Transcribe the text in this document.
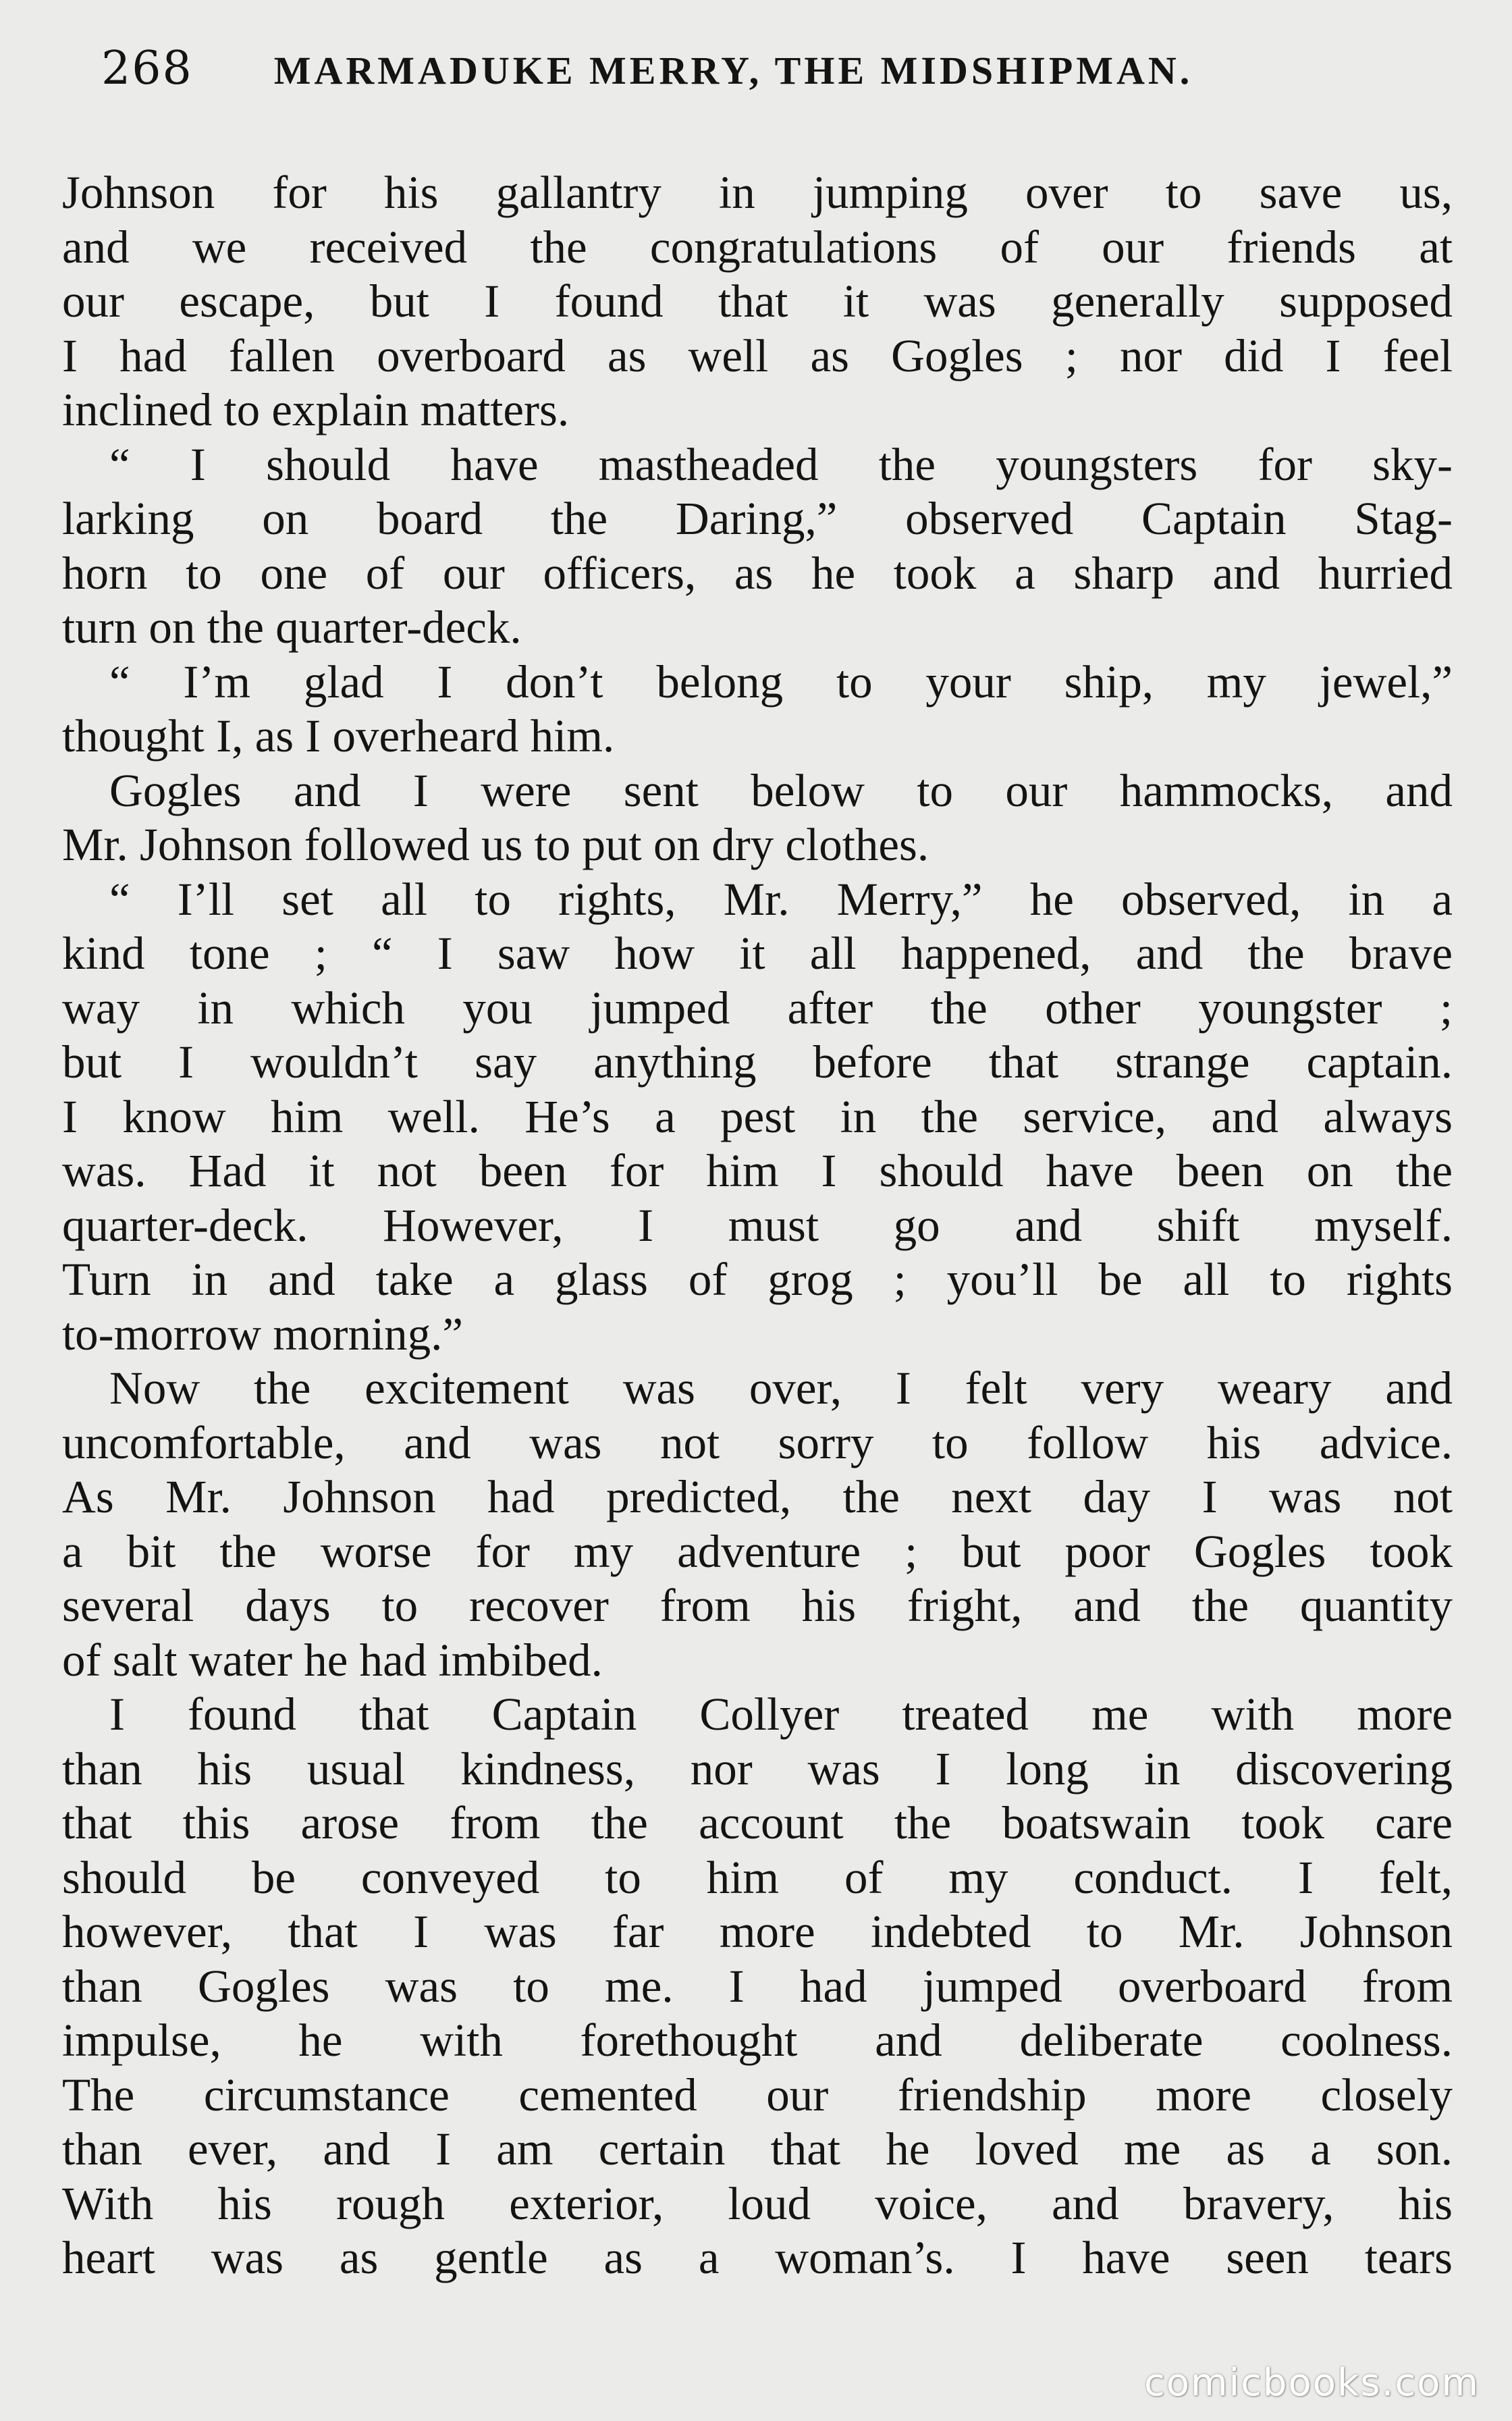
268 MARMADUKE MERRY, THE MIDSHIPMAN.
Johnson for his gallantry in jumping over to save us,
and we received the congratulations of our friends at
our escape, but I found that it was generally supposed
I had fallen overboard as well as Gogles ; nor did I feel
inclined to explain matters.
“ I should have mastheaded the youngsters for sky-
larking on board the Daring,” observed Captain Stag-
horn to one of our officers, as he took a sharp and hurried
turn on the quarter-deck.
“ I’m glad I don’t belong to your ship, my jewel,”
thought I, as I overheard him.
Gogles and I were sent below to our hammocks, and
Mr. Johnson followed us to put on dry clothes.
“ I’ll set all to rights, Mr. Merry,” he observed, in a
kind tone ; “ I saw how it all happened, and the brave
way in which you jumped after the other youngster ;
but I wouldn’t say anything before that strange captain.
I know him well. He’s a pest in the service, and always
was. Had it not been for him I should have been on the
quarter-deck. However, I must go and shift myself.
Turn in and take a glass of grog ; you’ll be all to rights
to-morrow morning.”
Now the excitement was over, I felt very weary and
uncomfortable, and was not sorry to follow his advice.
As Mr. Johnson had predicted, the next day I was not
a bit the worse for my adventure ; but poor Gogles took
several days to recover from his fright, and the quantity
of salt water he had imbibed.
I found that Captain Collyer treated me with more
than his usual kindness, nor was I long in discovering
that this arose from the account the boatswain took care
should be conveyed to him of my conduct. I felt,
however, that I was far more indebted to Mr. Johnson
than Gogles was to me. I had jumped overboard from
impulse, he with forethought and deliberate coolness.
The circumstance cemented our friendship more closely
than ever, and I am certain that he loved me as a son.
With his rough exterior, loud voice, and bravery, his
heart was as gentle as a woman’s. I have seen tears
comicbooks.com
